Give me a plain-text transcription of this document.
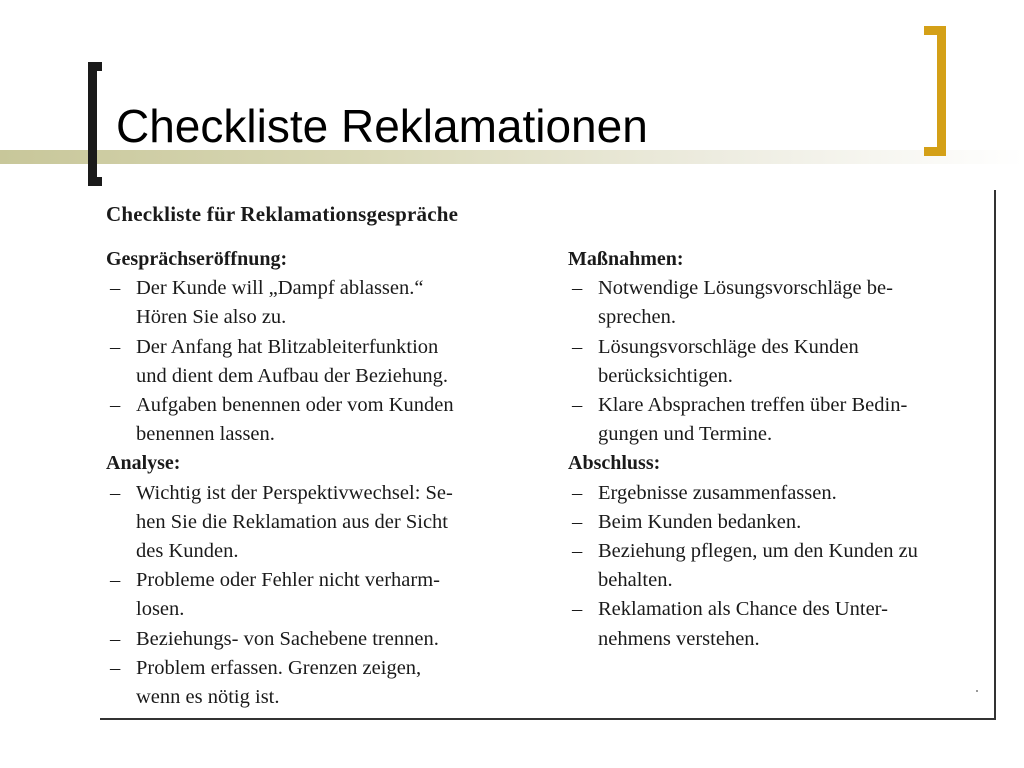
Checkliste Reklamationen
Checkliste für Reklamationsgespräche

Gesprächseröffnung:

– Der Kunde will „Dampf ablassen.“
Hören Sie also zu.
– Der Anfang hat Blitzableiterfunktion
und dient dem Aufbau der Beziehung.
– Aufgaben benennen oder vom Kunden
benennen lassen.

Analyse:

– Wichtig ist der Perspektivwechsel: Se-
hen Sie die Reklamation aus der Sicht
des Kunden.
– Probleme oder Fehler nicht verharm-
losen.
– Beziehungs- von Sachebene trennen.
– Problem erfassen. Grenzen zeigen,
wenn es nötig ist.

Maßnahmen:

– Notwendige Lösungsvorschläge be-
sprechen.
– Lösungsvorschläge des Kunden
berücksichtigen.
– Klare Absprachen treffen über Bedin-
gungen und Termine.

Abschluss:

– Ergebnisse zusammenfassen.
– Beim Kunden bedanken.
– Beziehung pflegen, um den Kunden zu
behalten.
– Reklamation als Chance des Unter-
nehmens verstehen.
